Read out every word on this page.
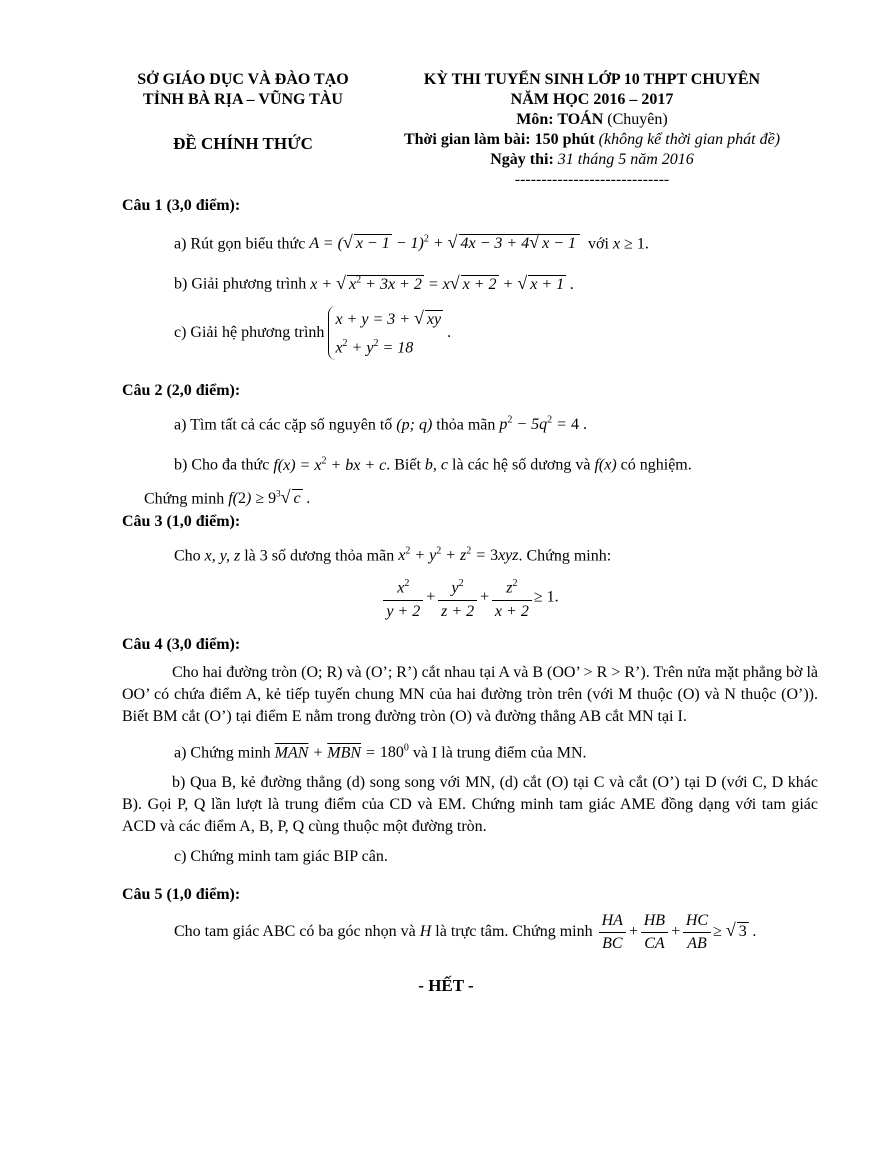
SỞ GIÁO DỤC VÀ ĐÀO TẠO
TỈNH BÀ RỊA – VŨNG TÀU
ĐỀ CHÍNH THỨC
KỲ THI TUYỂN SINH LỚP 10 THPT CHUYÊN
NĂM HỌC 2016 – 2017
Môn: TOÁN (Chuyên)
Thời gian làm bài: 150 phút (không kể thời gian phát đề)
Ngày thi: 31 tháng 5 năm 2016
-----------------------------
Câu 1 (3,0 điểm):
a) Rút gọn biểu thức A = (√ x − 1 − 1)$^2$ + √ 4x − 3 + 4√ x − 1 với x ≥ 1.
b) Giải phương trình x + √ $x^2 + 3x + 2 = x√$ x + 2 + √ x + 1 .
c) Giải hệ phương trình
x + y = 3 + √ xy
$x^2 + y^2 = 18$
.
Câu 2 (2,0 điểm):
a) Tìm tất cả các cặp số nguyên tố (p; q) thỏa mãn $p^2 - 5q^2 = 4$ .
b) Cho đa thức $f(x) = x^2$ + bx + c. Biết b, c là các hệ số dương và f(x) có nghiệm.
Chứng minh $f(2) \ge 9^3√$ c .
Câu 3 (1,0 điểm):
Cho x, y, z là 3 số dương thỏa mãn $x^2 + y^2 + z^2 = 3xyz$. Chứng minh:
$\frac{x^2}{y + 2} + \frac{y^2}{z + 2} + \frac{z^2}{x + 2} \ge 1$.
Câu 4 (3,0 điểm):
Cho hai đường tròn (O; R) và (O’; R’) cắt nhau tại A và B (OO’ > R > R’). Trên nửa mặt phẳng bờ là OO’ có chứa điểm A, kẻ tiếp tuyến chung MN của hai đường tròn trên (với M thuộc (O) và N thuộc (O’)). Biết BM cắt (O’) tại điểm E nằm trong đường tròn (O) và đường thẳng AB cắt MN tại I.
a) Chứng minh $\overline{MAN} + \overline{MBN} = 180^0$ và I là trung điểm của MN.
b) Qua B, kẻ đường thẳng (d) song song với MN, (d) cắt (O) tại C và cắt (O’) tại D (với C, D khác B). Gọi P, Q lần lượt là trung điểm của CD và EM. Chứng minh tam giác AME đồng dạng với tam giác ACD và các điểm A, B, P, Q cùng thuộc một đường tròn.
c) Chứng minh tam giác BIP cân.
Câu 5 (1,0 điểm):
Cho tam giác ABC có ba góc nhọn và H là trực tâm. Chứng minh $\frac{HA}{BC} + \frac{HB}{CA} + \frac{HC}{AB}$ ≥ √ 3 .
- HẾT -
